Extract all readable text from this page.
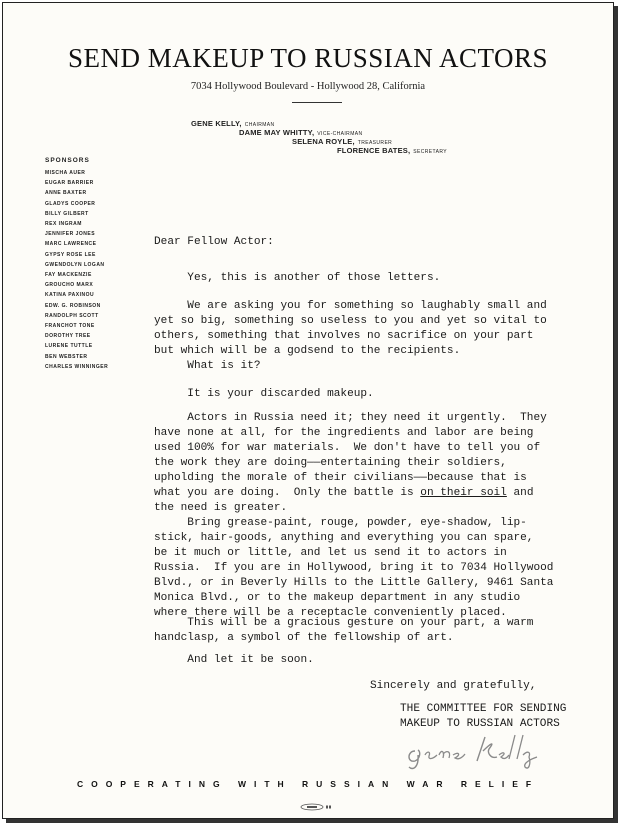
SEND MAKEUP TO RUSSIAN ACTORS
7034 Hollywood Boulevard - Hollywood 28, California
GENE KELLY, CHAIRMAN
DAME MAY WHITTY, VICE-CHAIRMAN
SELENA ROYLE, TREASURER
FLORENCE BATES, SECRETARY
SPONSORS
MISCHA AUER
EUGAR BARRIER
ANNE BAXTER
GLADYS COOPER
BILLY GILBERT
REX INGRAM
JENNIFER JONES
MARC LAWRENCE
GYPSY ROSE LEE
GWENDOLYN LOGAN
FAY MACKENZIE
GROUCHO MARX
KATINA PAXINOU
EDW. G. ROBINSON
RANDOLPH SCOTT
FRANCHOT TONE
DOROTHY TREE
LURENE TUTTLE
BEN WEBSTER
CHARLES WINNINGER
Dear Fellow Actor:
Yes, this is another of those letters.
We are asking you for something so laughably small and
yet so big, something so useless to you and yet so vital to
others, something that involves no sacrifice on your part
but which will be a godsend to the recipients.
What is it?
It is your discarded makeup.
Actors in Russia need it; they need it urgently.  They
have none at all, for the ingredients and labor are being
used 100% for war materials.  We don't have to tell you of
the work they are doing——entertaining their soldiers,
upholding the morale of their civilians——because that is
what you are doing.  Only the battle is on their soil and
the need is greater.
Bring grease-paint, rouge, powder, eye-shadow, lip-
stick, hair-goods, anything and everything you can spare,
be it much or little, and let us send it to actors in
Russia.  If you are in Hollywood, bring it to 7034 Hollywood
Blvd., or in Beverly Hills to the Little Gallery, 9461 Santa
Monica Blvd., or to the makeup department in any studio
where there will be a receptacle conveniently placed.
This will be a gracious gesture on your part, a warm
handclasp, a symbol of the fellowship of art.
And let it be soon.
Sincerely and gratefully,
THE COMMITTEE FOR SENDING
MAKEUP TO RUSSIAN ACTORS
COOPERATING WITH RUSSIAN WAR RELIEF
